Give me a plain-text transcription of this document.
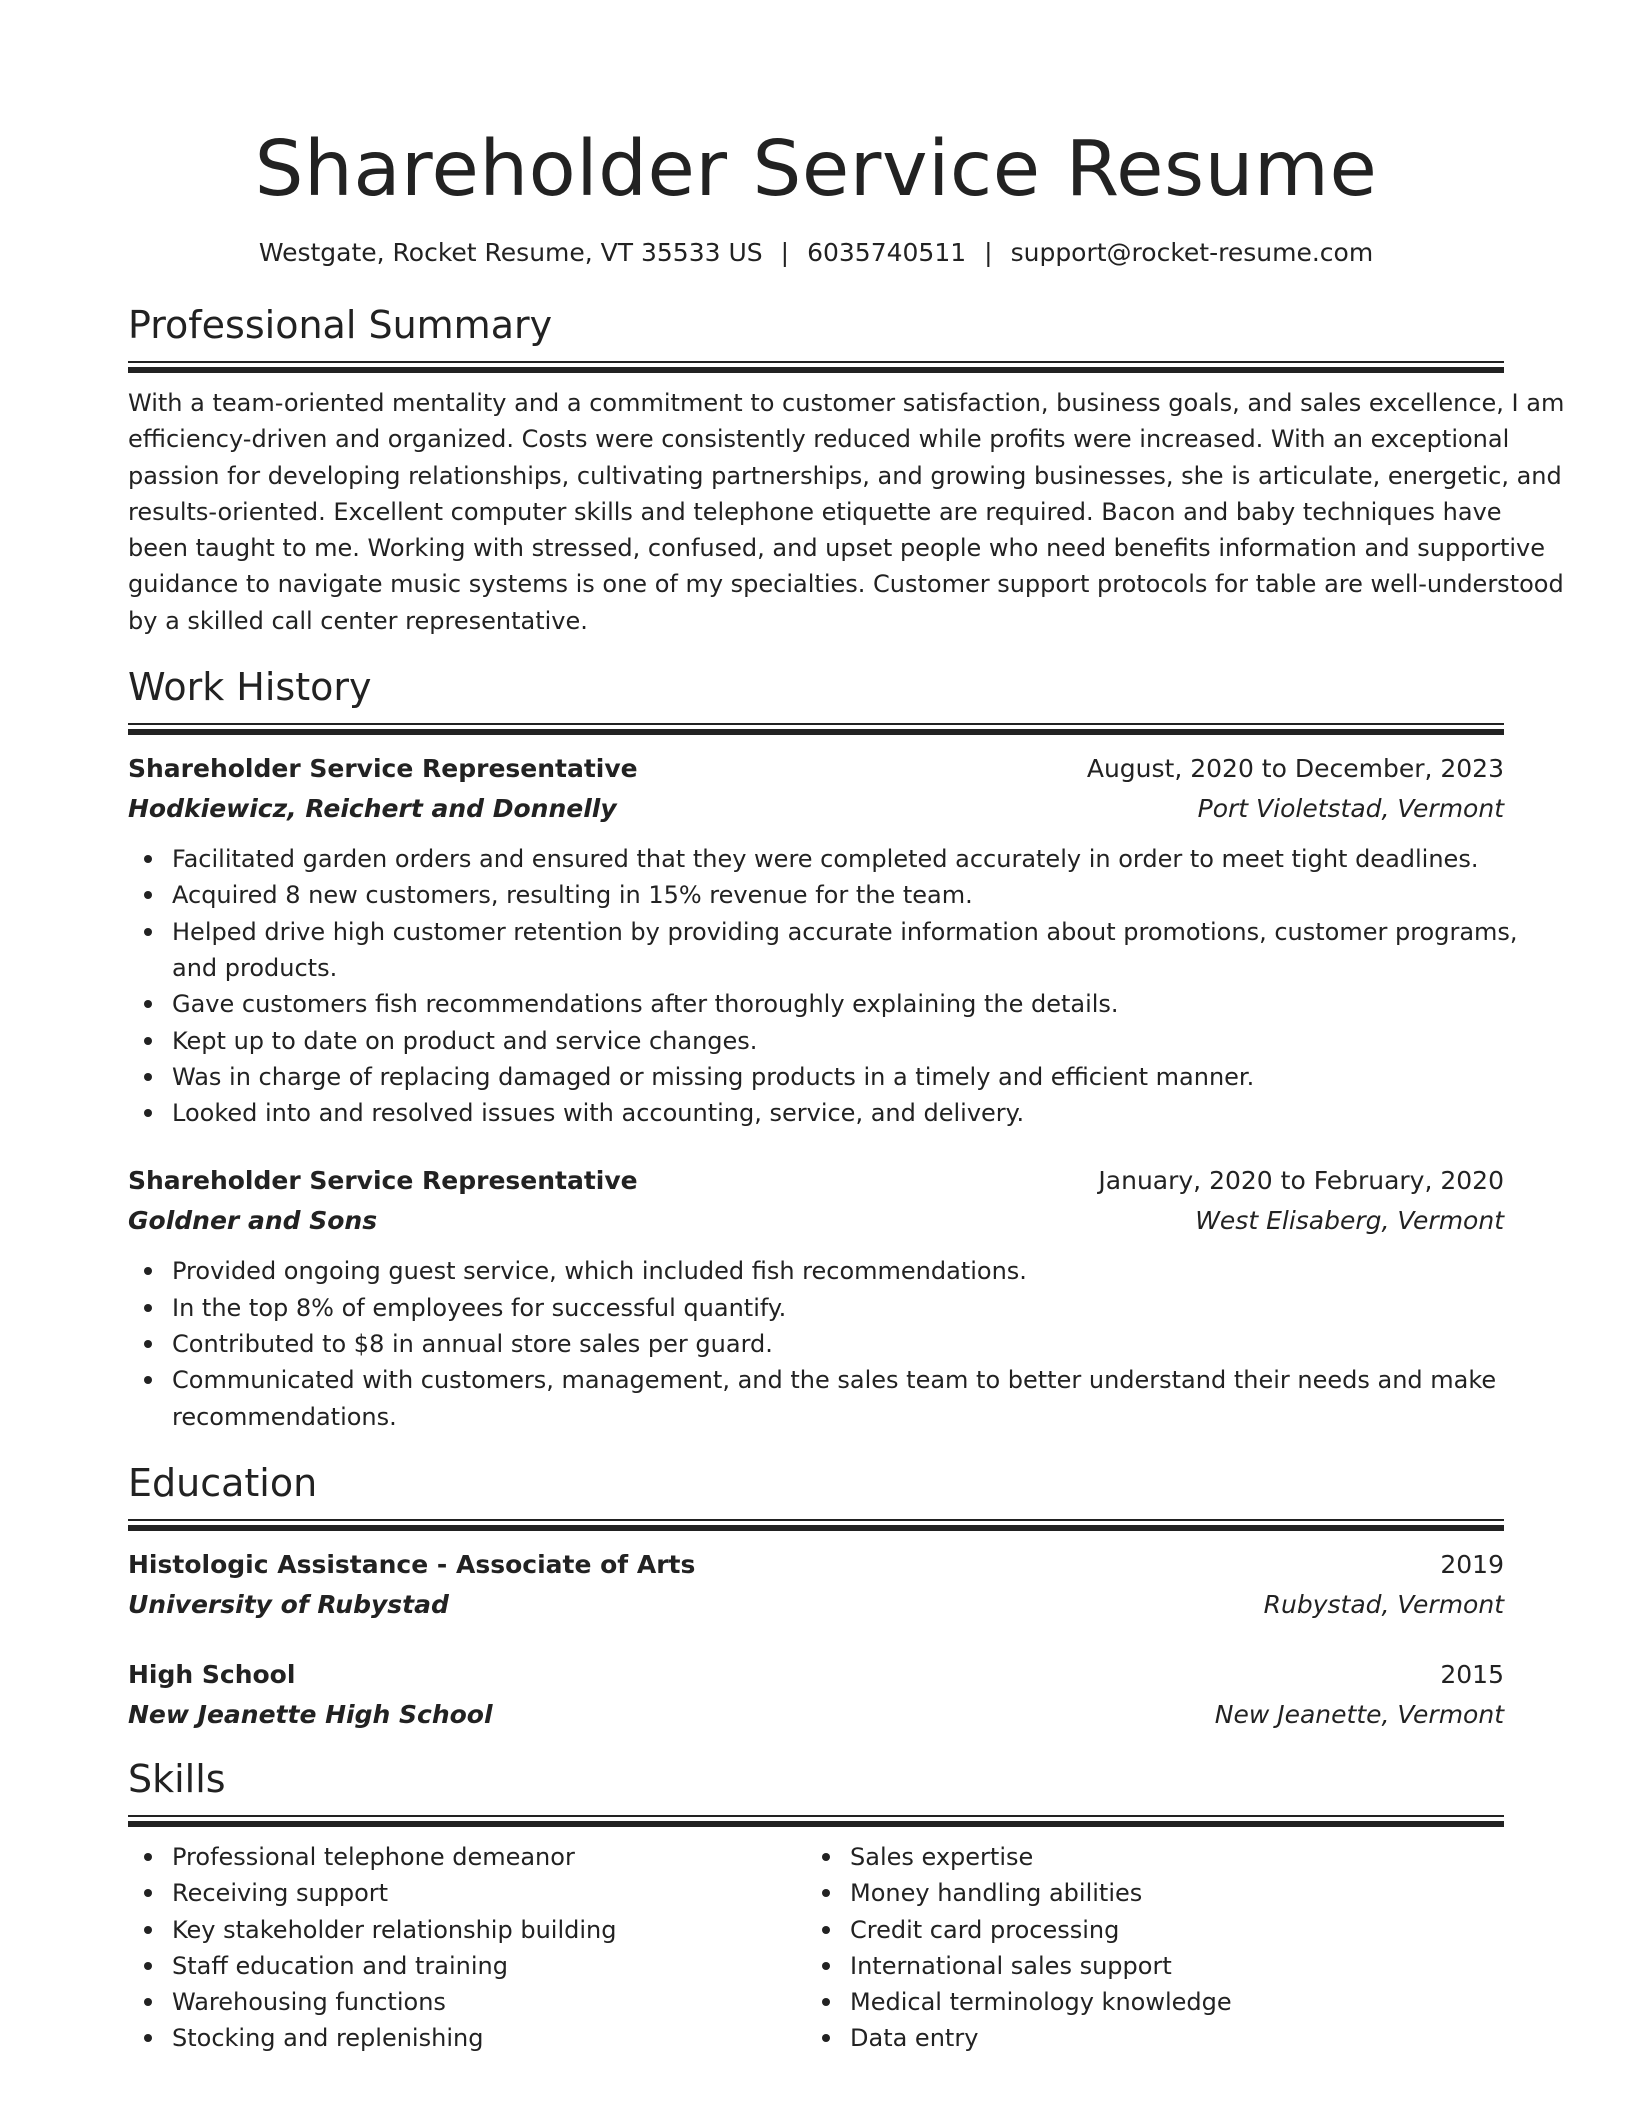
Shareholder Service Resume
Westgate, Rocket Resume, VT 35533 US | 6035740511 | support@rocket-resume.com
Professional Summary
With a team-oriented mentality and a commitment to customer satisfaction, business goals, and sales excellence, I am
efficiency-driven and organized. Costs were consistently reduced while profits were increased. With an exceptional
passion for developing relationships, cultivating partnerships, and growing businesses, she is articulate, energetic, and
results-oriented. Excellent computer skills and telephone etiquette are required. Bacon and baby techniques have
been taught to me. Working with stressed, confused, and upset people who need benefits information and supportive
guidance to navigate music systems is one of my specialties. Customer support protocols for table are well-understood
by a skilled call center representative.
Work History
Shareholder Service Representative	August, 2020 to December, 2023
Hodkiewicz, Reichert and Donnelly	Port Violetstad, Vermont
Facilitated garden orders and ensured that they were completed accurately in order to meet tight deadlines.
Acquired 8 new customers, resulting in 15% revenue for the team.
Helped drive high customer retention by providing accurate information about promotions, customer programs,
and products.
Gave customers fish recommendations after thoroughly explaining the details.
Kept up to date on product and service changes.
Was in charge of replacing damaged or missing products in a timely and efficient manner.
Looked into and resolved issues with accounting, service, and delivery.
Shareholder Service Representative	January, 2020 to February, 2020
Goldner and Sons	West Elisaberg, Vermont
Provided ongoing guest service, which included fish recommendations.
In the top 8% of employees for successful quantify.
Contributed to $8 in annual store sales per guard.
Communicated with customers, management, and the sales team to better understand their needs and make
recommendations.
Education
Histologic Assistance - Associate of Arts	2019
University of Rubystad	Rubystad, Vermont
High School	2015
New Jeanette High School	New Jeanette, Vermont
Skills
Professional telephone demeanor
Receiving support
Key stakeholder relationship building
Staff education and training
Warehousing functions
Stocking and replenishing
Sales expertise
Money handling abilities
Credit card processing
International sales support
Medical terminology knowledge
Data entry
